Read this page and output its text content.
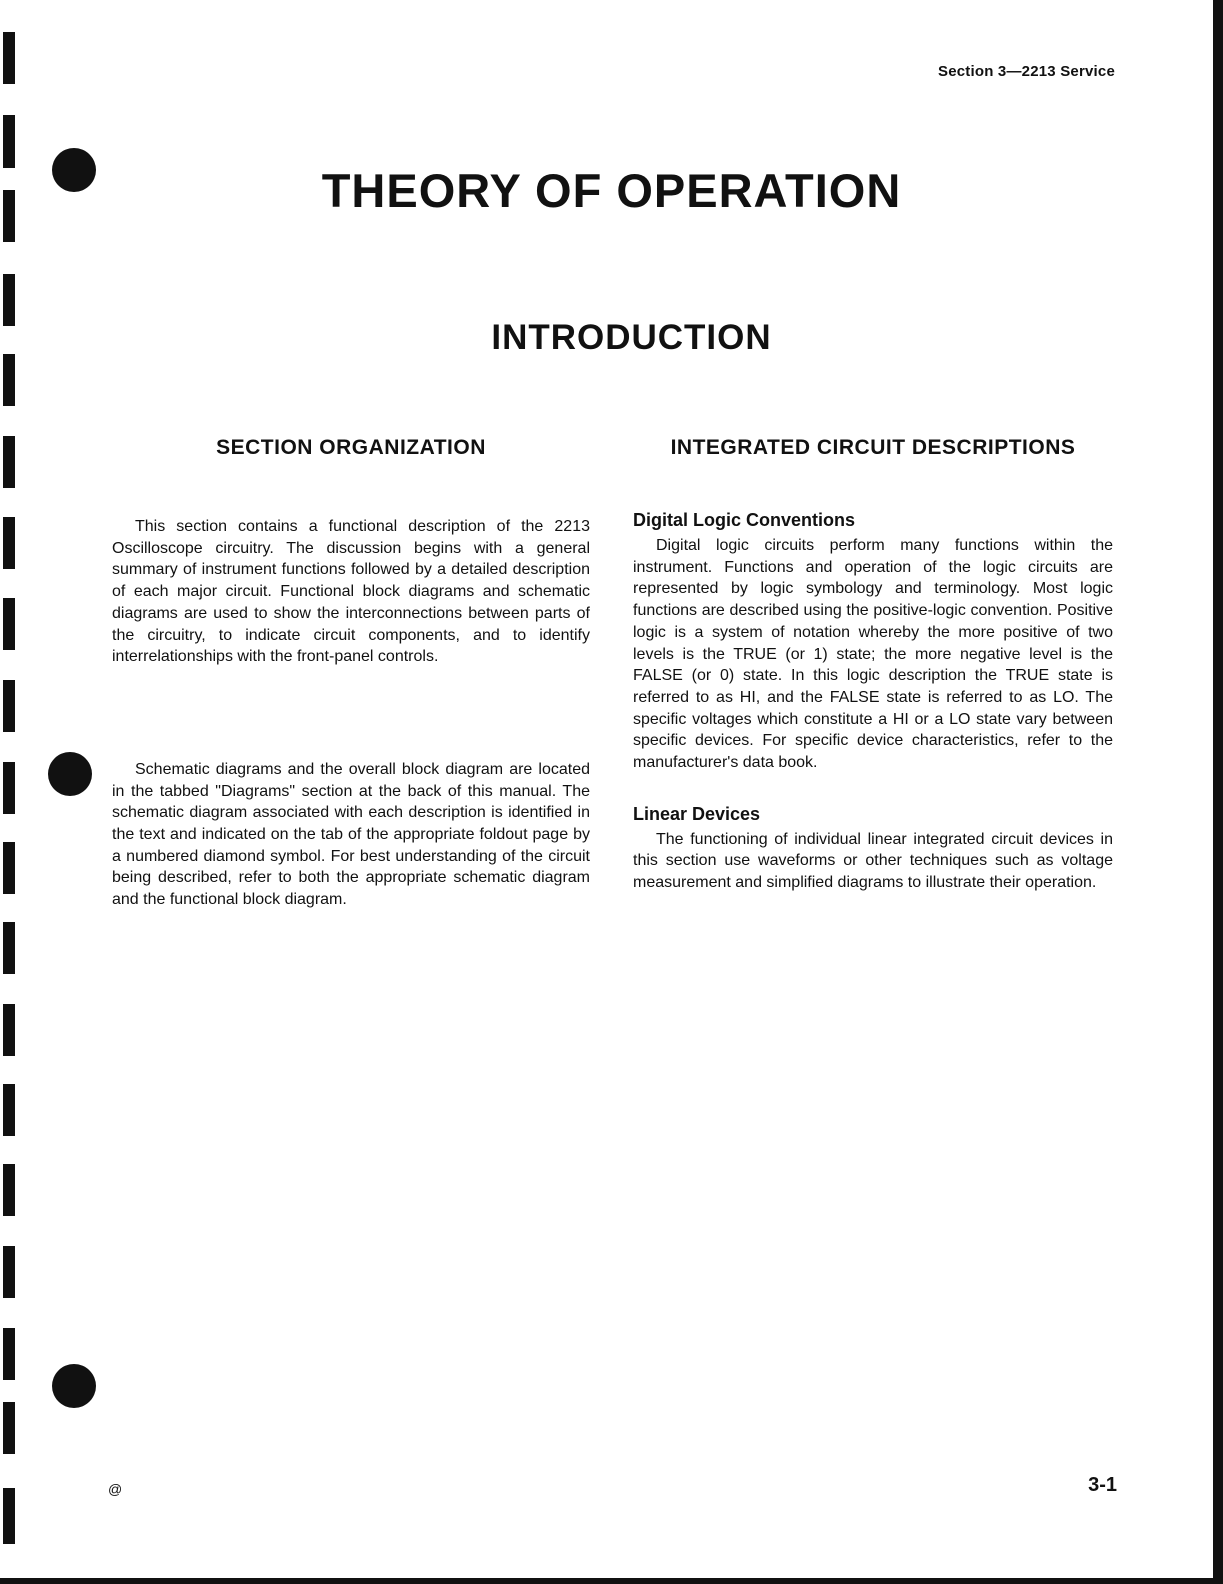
Section 3—2213 Service
THEORY OF OPERATION
INTRODUCTION
SECTION ORGANIZATION

This section contains a functional description of the 2213 Oscilloscope circuitry. The discussion begins with a general summary of instrument functions followed by a detailed description of each major circuit. Functional block diagrams and schematic diagrams are used to show the interconnections between parts of the circuitry, to indicate circuit components, and to identify interrelationships with the front-panel controls.

Schematic diagrams and the overall block diagram are located in the tabbed "Diagrams" section at the back of this manual. The schematic diagram associated with each description is identified in the text and indicated on the tab of the appropriate foldout page by a numbered diamond symbol. For best understanding of the circuit being described, refer to both the appropriate schematic diagram and the functional block diagram.

INTEGRATED CIRCUIT DESCRIPTIONS
Digital Logic Conventions

Digital logic circuits perform many functions within the instrument. Functions and operation of the logic circuits are represented by logic symbology and terminology. Most logic functions are described using the positive-logic convention. Positive logic is a system of notation whereby the more positive of two levels is the TRUE (or 1) state; the more negative level is the FALSE (or 0) state. In this logic description the TRUE state is referred to as HI, and the FALSE state is referred to as LO. The specific voltages which constitute a HI or a LO state vary between specific devices. For specific device characteristics, refer to the manufacturer's data book.

Linear Devices

The functioning of individual linear integrated circuit devices in this section use waveforms or other techniques such as voltage measurement and simplified diagrams to illustrate their operation.

@	3-1
